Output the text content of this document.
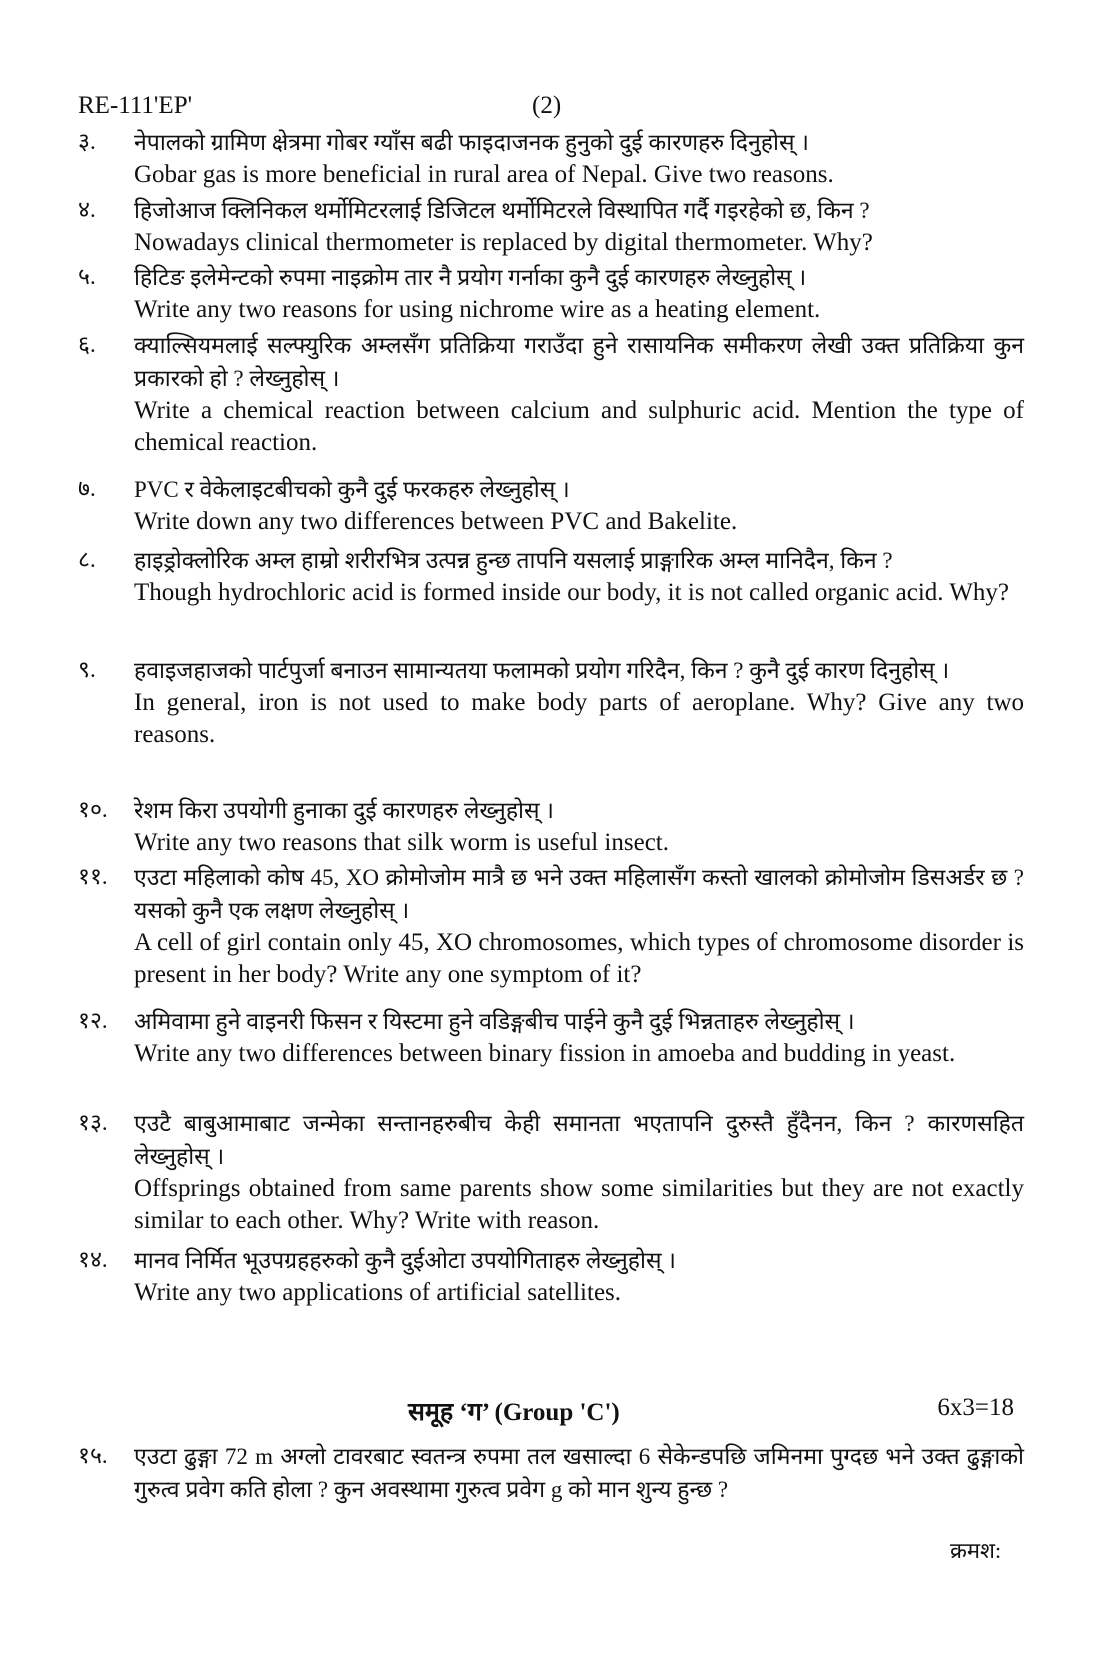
RE-111'EP'	(2)
३.	नेपालको ग्रामिण क्षेत्रमा गोबर ग्याँस बढी फाइदाजनक हुनुको दुई कारणहरु दिनुहोस् ।
Gobar gas is more beneficial in rural area of Nepal. Give two reasons.
४.	हिजोआज क्लिनिकल थर्मोमिटरलाई डिजिटल थर्मोमिटरले विस्थापित गर्दै गइरहेको छ, किन ?
Nowadays clinical thermometer is replaced by digital thermometer. Why?
५.	हिटिङ इलेमेन्टको रुपमा नाइक्रोम तार नै प्रयोग गर्नाका कुनै दुई कारणहरु लेख्नुहोस् ।
Write any two reasons for using nichrome wire as a heating element.
६.	क्याल्सियमलाई सल्फ्युरिक अम्लसँग प्रतिक्रिया गराउँदा हुने रासायनिक समीकरण लेखी उक्त प्रतिक्रिया कुन प्रकारको हो ? लेख्नुहोस् ।
Write a chemical reaction between calcium and sulphuric acid. Mention the type of chemical reaction.
७.	PVC र वेकेलाइटबीचको कुनै दुई फरकहरु लेख्नुहोस् ।
Write down any two differences between PVC and Bakelite.
८.	हाइड्रोक्लोरिक अम्ल हाम्रो शरीरभित्र उत्पन्न हुन्छ तापनि यसलाई प्राङ्गारिक अम्ल मानिदैन, किन ?
Though hydrochloric acid is formed inside our body, it is not called organic acid. Why?
९.	हवाइजहाजको पार्टपुर्जा बनाउन सामान्यतया फलामको प्रयोग गरिदैन, किन ? कुनै दुई कारण दिनुहोस् ।
In general, iron is not used to make body parts of aeroplane. Why? Give any two reasons.
१०.	रेशम किरा उपयोगी हुनाका दुई कारणहरु लेख्नुहोस् ।
Write any two reasons that silk worm is useful insect.
११.	एउटा महिलाको कोष 45, XO क्रोमोजोम मात्रै छ भने उक्त महिलासँग कस्तो खालको क्रोमोजोम डिसअर्डर छ ? यसको कुनै एक लक्षण लेख्नुहोस् ।
A cell of girl contain only 45, XO chromosomes, which types of chromosome disorder is present in her body? Write any one symptom of it?
१२.	अमिवामा हुने वाइनरी फिसन र यिस्टमा हुने वडिङ्गबीच पाईने कुनै दुई भिन्नताहरु लेख्नुहोस् ।
Write any two differences between binary fission in amoeba and budding in yeast.
१३.	एउटै बाबुआमाबाट जन्मेका सन्तानहरुबीच केही समानता भएतापनि दुरुस्तै हुँदैनन, किन ? कारणसहित लेख्नुहोस् ।
Offsprings obtained from same parents show some similarities but they are not exactly similar to each other. Why? Write with reason.
१४.	मानव निर्मित भूउपग्रहहरुको कुनै दुईओटा उपयोगिताहरु लेख्नुहोस् ।
Write any two applications of artificial satellites.
समूह ‘ग’ (Group 'C')	6x3=18
१५.	एउटा ढुङ्गा 72 m अग्लो टावरबाट स्वतन्त्र रुपमा तल खसाल्दा 6 सेकेन्डपछि जमिनमा पुग्दछ भने उक्त ढुङ्गाको गुरुत्व प्रवेग कति होला ? कुन अवस्थामा गुरुत्व प्रवेग g को मान शुन्य हुन्छ ?
क्रमश:
